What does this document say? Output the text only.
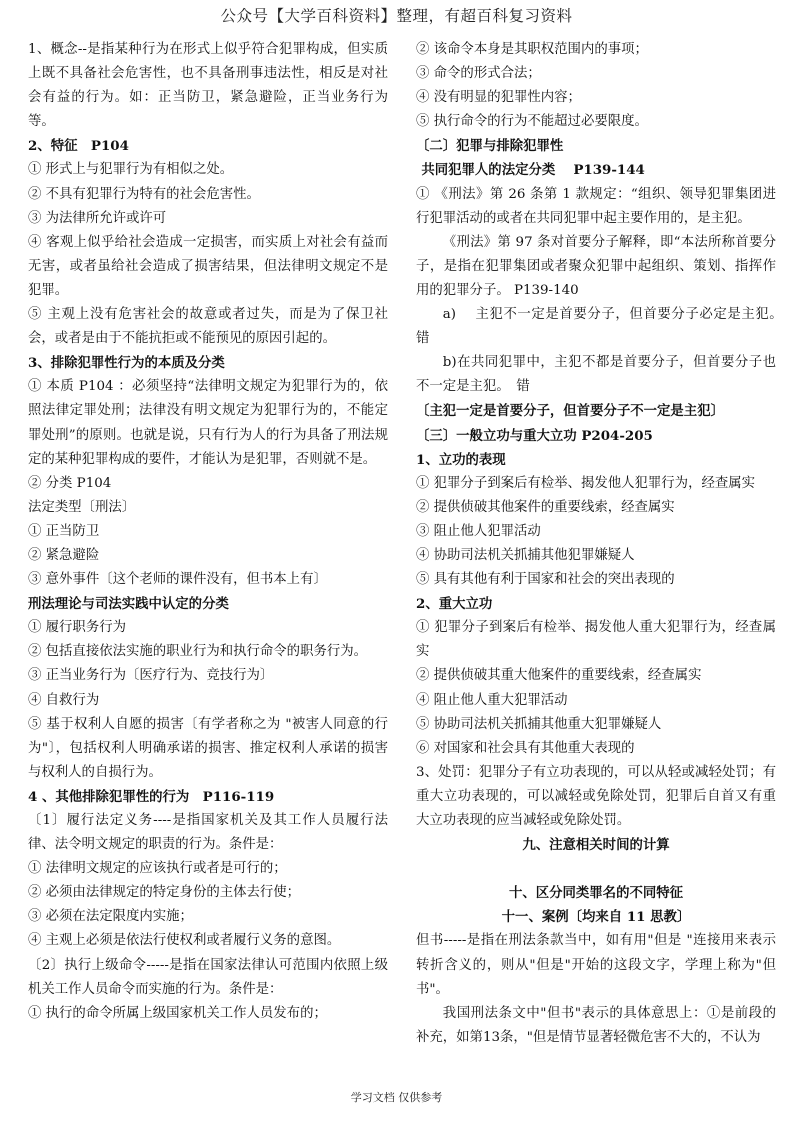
公众号【大学百科资料】整理，有超百科复习资料

1、概念--是指某种行为在形式上似乎符合犯罪构成，但实质上既不具备社会危害性，也不具备刑事违法性，相反是对社会有益的行为。如：正当防卫，紧急避险，正当业务行为等。

2、特征　P104

① 形式上与犯罪行为有相似之处。

② 不具有犯罪行为特有的社会危害性。

③ 为法律所允许或许可

④ 客观上似乎给社会造成一定损害，而实质上对社会有益而无害，或者虽给社会造成了损害结果，但法律明文规定不是犯罪。

⑤ 主观上没有危害社会的故意或者过失，而是为了保卫社会，或者是由于不能抗拒或不能预见的原因引起的。

3、排除犯罪性行为的本质及分类

① 本质 P104 ：必须坚持“法律明文规定为犯罪行为的，依照法律定罪处刑；法律没有明文规定为犯罪行为的，不能定罪处刑”的原则。也就是说，只有行为人的行为具备了刑法规定的某种犯罪构成的要件，才能认为是犯罪，否则就不是。

② 分类 P104

法定类型〔刑法〕

① 正当防卫

② 紧急避险

③ 意外事件〔这个老师的课件没有，但书本上有〕

刑法理论与司法实践中认定的分类

① 履行职务行为

② 包括直接依法实施的职业行为和执行命令的职务行为。

③ 正当业务行为〔医疗行为、竞技行为〕

④ 自救行为

⑤ 基于权利人自愿的损害〔有学者称之为 "被害人同意的行为"〕，包括权利人明确承诺的损害、推定权利人承诺的损害与权利人的自损行为。

4 、其他排除犯罪性的行为　P116-119

〔1〕履行法定义务----是指国家机关及其工作人员履行法律、法令明文规定的职责的行为。条件是：

① 法律明文规定的应该执行或者是可行的；

② 必须由法律规定的特定身份的主体去行使；

③ 必须在法定限度内实施；

④ 主观上必须是依法行使权利或者履行义务的意图。

〔2〕执行上级命令-----是指在国家法律认可范围内依照上级机关工作人员命令而实施的行为。条件是：

① 执行的命令所属上级国家机关工作人员发布的；

② 该命令本身是其职权范围内的事项；

③ 命令的形式合法；

④ 没有明显的犯罪性内容；

⑤ 执行命令的行为不能超过必要限度。

〔二〕犯罪与排除犯罪性

共同犯罪人的法定分类　 P139-144

① 《刑法》第 26 条第 1 款规定：“组织、领导犯罪集团进行犯罪活动的或者在共同犯罪中起主要作用的，是主犯。

《刑法》第 97 条对首要分子解释，即“本法所称首要分子，是指在犯罪集团或者聚众犯罪中起组织、策划、指挥作用的犯罪分子。 P139-140

a)　 主犯不一定是首要分子，但首要分子必定是主犯。　错

b)在共同犯罪中，主犯不都是首要分子，但首要分子也不一定是主犯。　错

〔主犯一定是首要分子，但首要分子不一定是主犯〕

〔三〕一般立功与重大立功 P204-205

1、立功的表现

① 犯罪分子到案后有检举、揭发他人犯罪行为，经查属实

② 提供侦破其他案件的重要线索，经查属实

③ 阻止他人犯罪活动

④ 协助司法机关抓捕其他犯罪嫌疑人

⑤ 具有其他有利于国家和社会的突出表现的

2、重大立功

① 犯罪分子到案后有检举、揭发他人重大犯罪行为，经查属实

② 提供侦破其重大他案件的重要线索，经查属实

④ 阻止他人重大犯罪活动

⑤ 协助司法机关抓捕其他重大犯罪嫌疑人

⑥ 对国家和社会具有其他重大表现的

3、处罚：犯罪分子有立功表现的，可以从轻或减轻处罚；有重大立功表现的，可以减轻或免除处罚，犯罪后自首又有重大立功表现的应当减轻或免除处罚。

九、注意相关时间的计算

十、区分同类罪名的不同特征

十一、案例〔均来自 11 思教〕

但书-----是指在刑法条款当中，如有用"但是 "连接用来表示转折含义的，则从"但是"开始的这段文字，学理上称为"但书"。

我国刑法条文中"但书"表示的具体意思上：①是前段的补充，如第13条，"但是情节显著轻微危害不大的，不认为

学习文档 仅供参考
